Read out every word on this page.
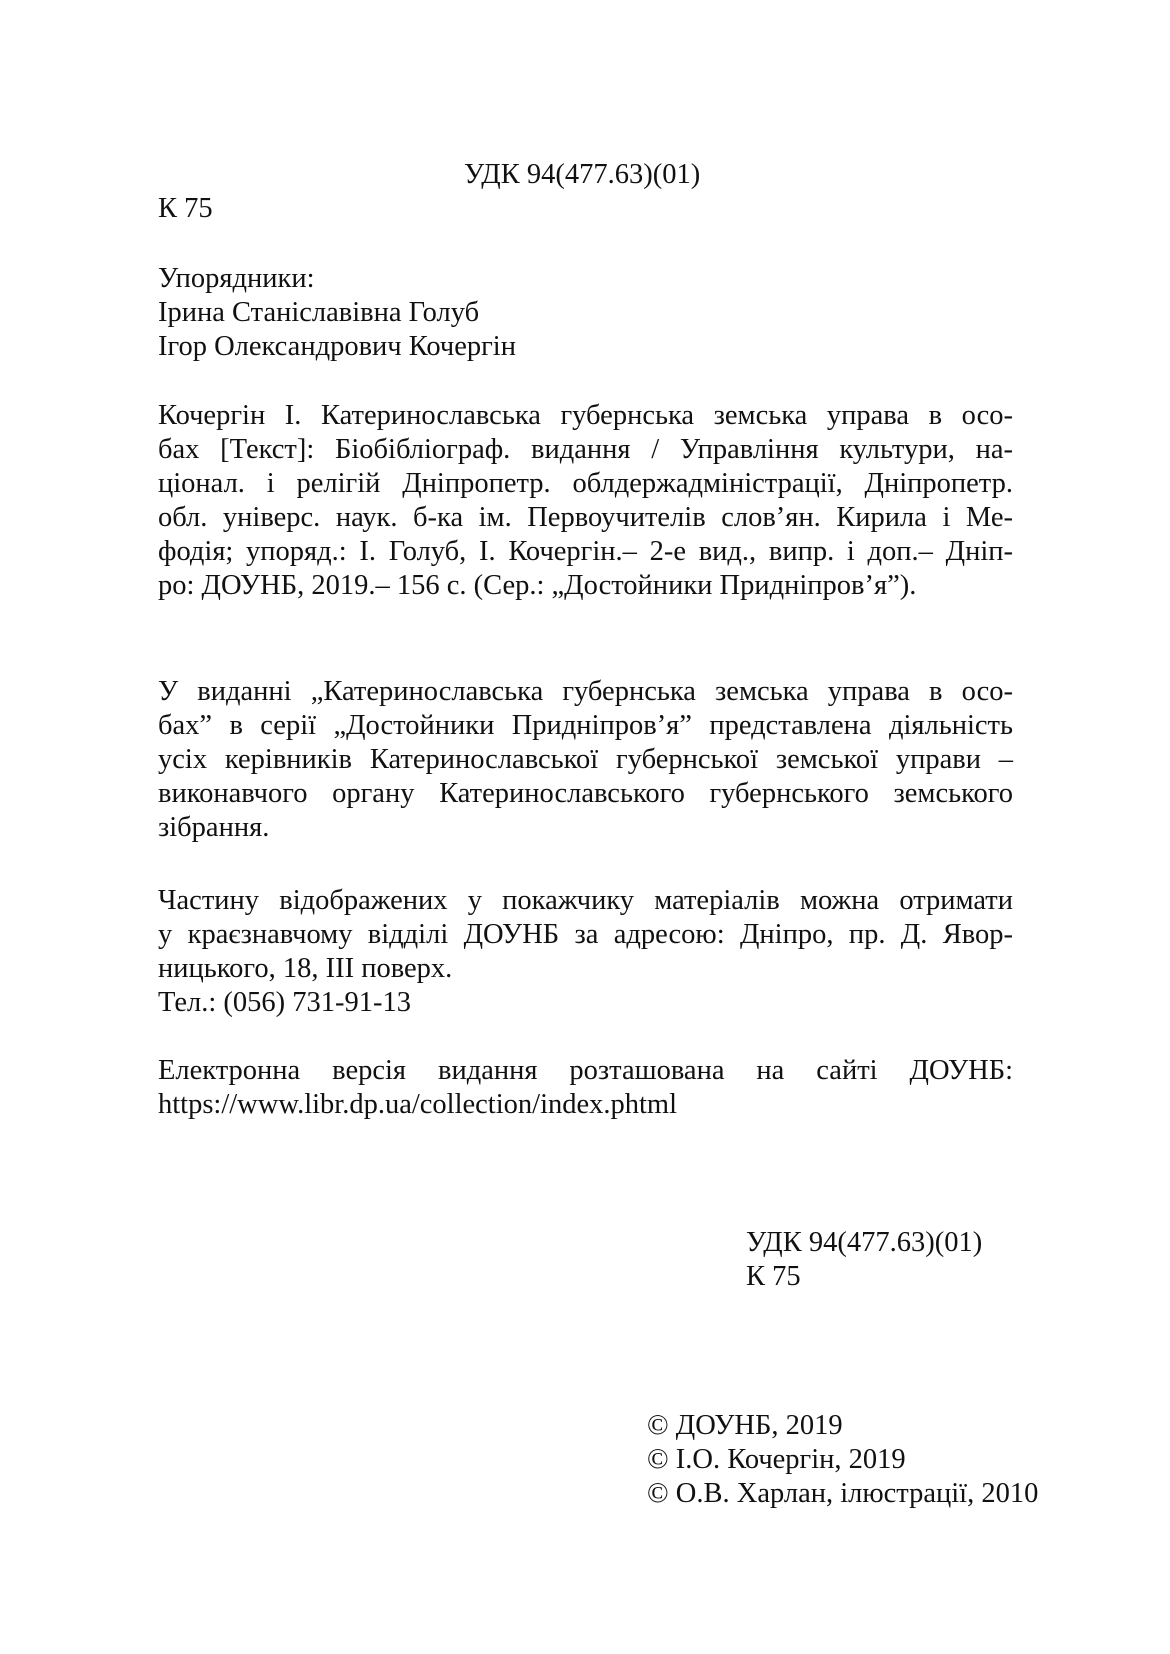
УДК 94(477.63)(01)
К 75
Упорядники:
Ірина Станіславівна Голуб
Ігор Олександрович Кочергін
Кочергін І. Катеринославська губернська земська управа в осо-
бах [Текст]: Біобібліограф. видання / Управління культури, на-
ціонал. і релігій Дніпропетр. облдержадміністрації, Дніпропетр.
обл. універс. наук. б-ка ім. Первоучителів слов’ян. Кирила і Ме-
фодія; упоряд.: І. Голуб, І. Кочергін.– 2-е вид., випр. і доп.– Дніп-
ро: ДОУНБ, 2019.– 156 с. (Сер.: „Достойники Придніпров’я”).
У виданні „Катеринославська губернська земська управа в осо-
бах” в серії „Достойники Придніпров’я” представлена діяльність
усіх керівників Катеринославської губернської земської управи –
виконавчого органу Катеринославського губернського земського
зібрання.
Частину відображених у покажчику матеріалів можна отримати
у краєзнавчому відділі ДОУНБ за адресою: Дніпро, пр. Д. Явор-
ницького, 18, ІІІ поверх.
Тел.: (056) 731-91-13
Електронна версія видання розташована на сайті ДОУНБ:
https://www.libr.dp.ua/collection/index.phtml
УДК 94(477.63)(01)
К 75
© ДОУНБ, 2019
© І.О. Кочергін, 2019
© О.В. Харлан, ілюстрації, 2010
